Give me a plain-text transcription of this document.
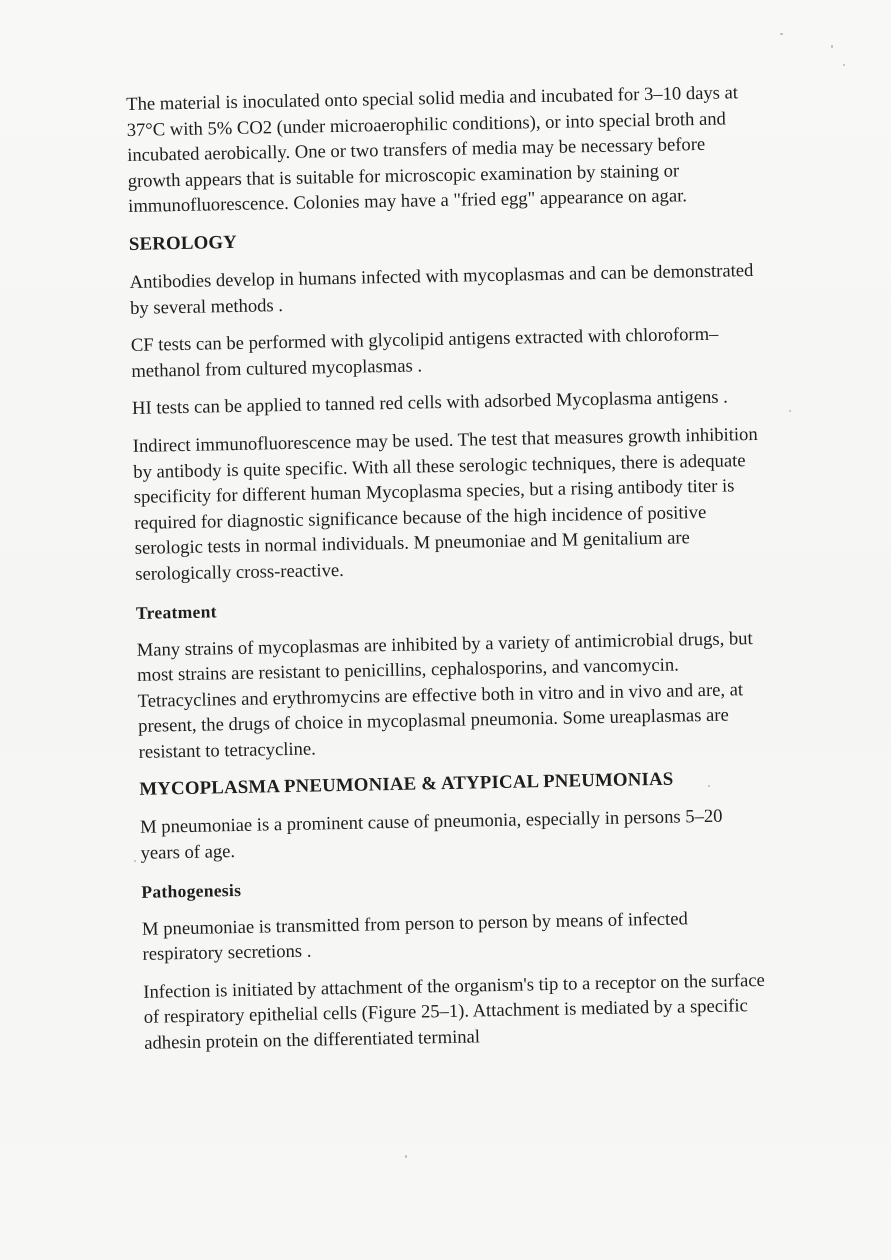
The material is inoculated onto special solid media and incubated for 3–10 days at 37°C with 5% CO2 (under microaerophilic conditions), or into special broth and incubated aerobically. One or two transfers of media may be necessary before growth appears that is suitable for microscopic examination by staining or immunofluorescence. Colonies may have a "fried egg" appearance on agar.

SEROLOGY

Antibodies develop in humans infected with mycoplasmas and can be demonstrated by several methods .

CF tests can be performed with glycolipid antigens extracted with chloroform–methanol from cultured mycoplasmas .

HI tests can be applied to tanned red cells with adsorbed Mycoplasma antigens .

Indirect immunofluorescence may be used. The test that measures growth inhibition by antibody is quite specific. With all these serologic techniques, there is adequate specificity for different human Mycoplasma species, but a rising antibody titer is required for diagnostic significance because of the high incidence of positive serologic tests in normal individuals. M pneumoniae and M genitalium are serologically cross-reactive.

Treatment

Many strains of mycoplasmas are inhibited by a variety of antimicrobial drugs, but most strains are resistant to penicillins, cephalosporins, and vancomycin. Tetracyclines and erythromycins are effective both in vitro and in vivo and are, at present, the drugs of choice in mycoplasmal pneumonia. Some ureaplasmas are resistant to tetracycline.

MYCOPLASMA PNEUMONIAE & ATYPICAL PNEUMONIAS

M pneumoniae is a prominent cause of pneumonia, especially in persons 5–20 years of age.

Pathogenesis

M pneumoniae is transmitted from person to person by means of infected respiratory secretions .

Infection is initiated by attachment of the organism's tip to a receptor on the surface of respiratory epithelial cells (Figure 25–1). Attachment is mediated by a specific adhesin protein on the differentiated terminal
